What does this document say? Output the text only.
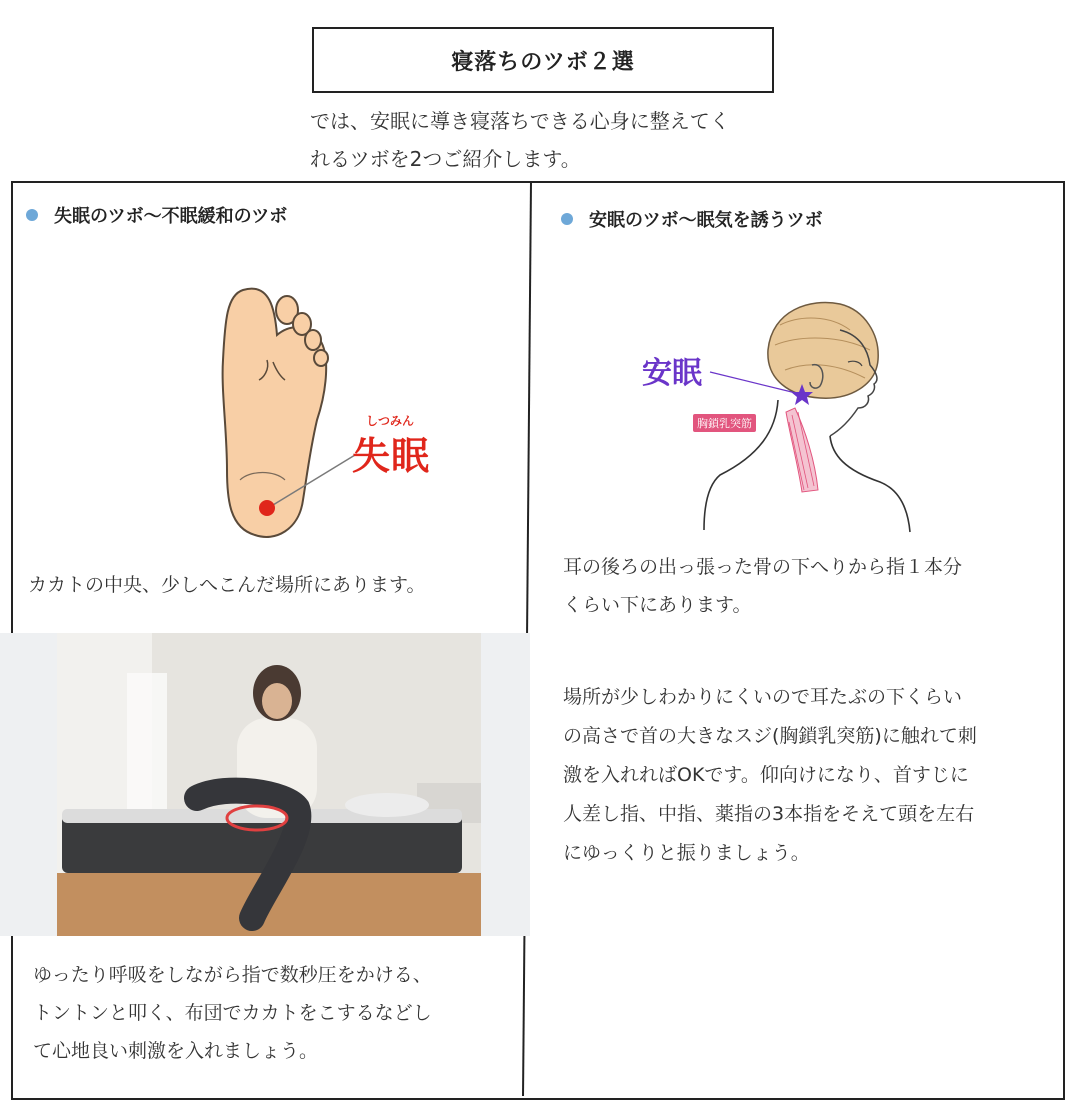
寝落ちのツボ２選
では、安眠に導き寝落ちできる心身に整えてく
れるツボを2つご紹介します。
失眠のツボ〜不眠緩和のツボ
しつみん
失眠
カカトの中央、少しへこんだ場所にあります。
ゆったり呼吸をしながら指で数秒圧をかける、
トントンと叩く、布団でカカトをこするなどし
て心地良い刺激を入れましょう。
安眠のツボ〜眠気を誘うツボ
安眠
胸鎖乳突筋
耳の後ろの出っ張った骨の下へりから指１本分
くらい下にあります。
場所が少しわかりにくいので耳たぶの下くらい
の高さで首の大きなスジ(胸鎖乳突筋)に触れて刺
激を入れればOKです。仰向けになり、首すじに
人差し指、中指、薬指の3本指をそえて頭を左右
にゆっくりと振りましょう。
